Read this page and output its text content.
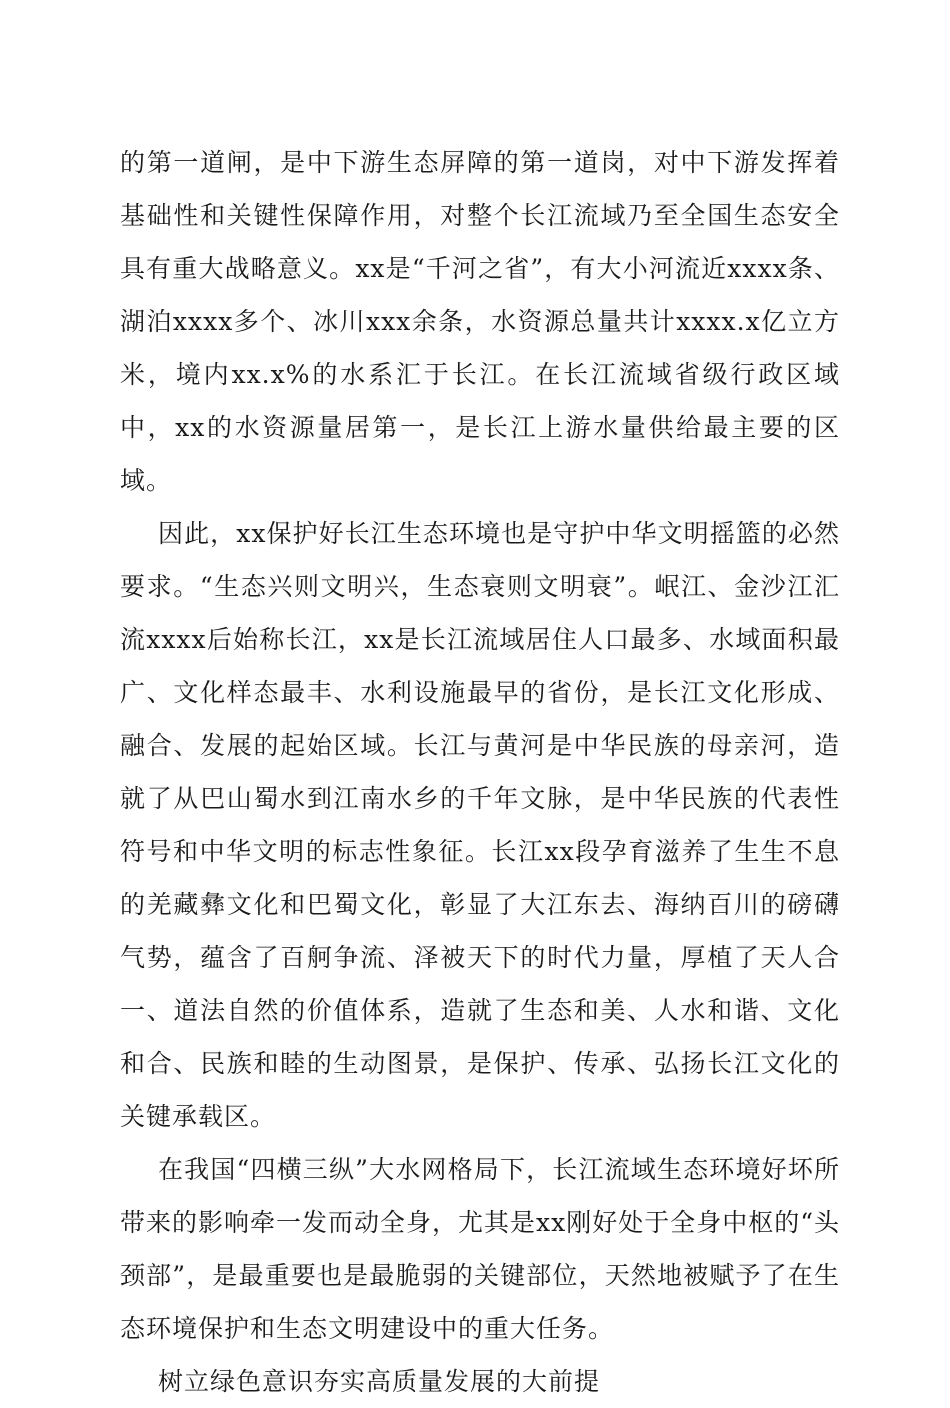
的第一道闸，是中下游生态屏障的第一道岗，对中下游发挥着基础性和关键性保障作用，对整个长江流域乃至全国生态安全具有重大战略意义。xx是“千河之省”，有大小河流近xxxx条、湖泊xxxx多个、冰川xxx余条，水资源总量共计xxxx.x亿立方米，境内xx.x%的水系汇于长江。在长江流域省级行政区域中，xx的水资源量居第一，是长江上游水量供给最主要的区域。

因此，xx保护好长江生态环境也是守护中华文明摇篮的必然要求。“生态兴则文明兴，生态衰则文明衰”。岷江、金沙江汇流xxxx后始称长江，xx是长江流域居住人口最多、水域面积最广、文化样态最丰、水利设施最早的省份，是长江文化形成、融合、发展的起始区域。长江与黄河是中华民族的母亲河，造就了从巴山蜀水到江南水乡的千年文脉，是中华民族的代表性符号和中华文明的标志性象征。长江xx段孕育滋养了生生不息的羌藏彝文化和巴蜀文化，彰显了大江东去、海纳百川的磅礴气势，蕴含了百舸争流、泽被天下的时代力量，厚植了天人合一、道法自然的价值体系，造就了生态和美、人水和谐、文化和合、民族和睦的生动图景，是保护、传承、弘扬长江文化的关键承载区。

在我国“四横三纵”大水网格局下，长江流域生态环境好坏所带来的影响牵一发而动全身，尤其是xx刚好处于全身中枢的“头颈部”，是最重要也是最脆弱的关键部位，天然地被赋予了在生态环境保护和生态文明建设中的重大任务。

树立绿色意识夯实高质量发展的大前提
